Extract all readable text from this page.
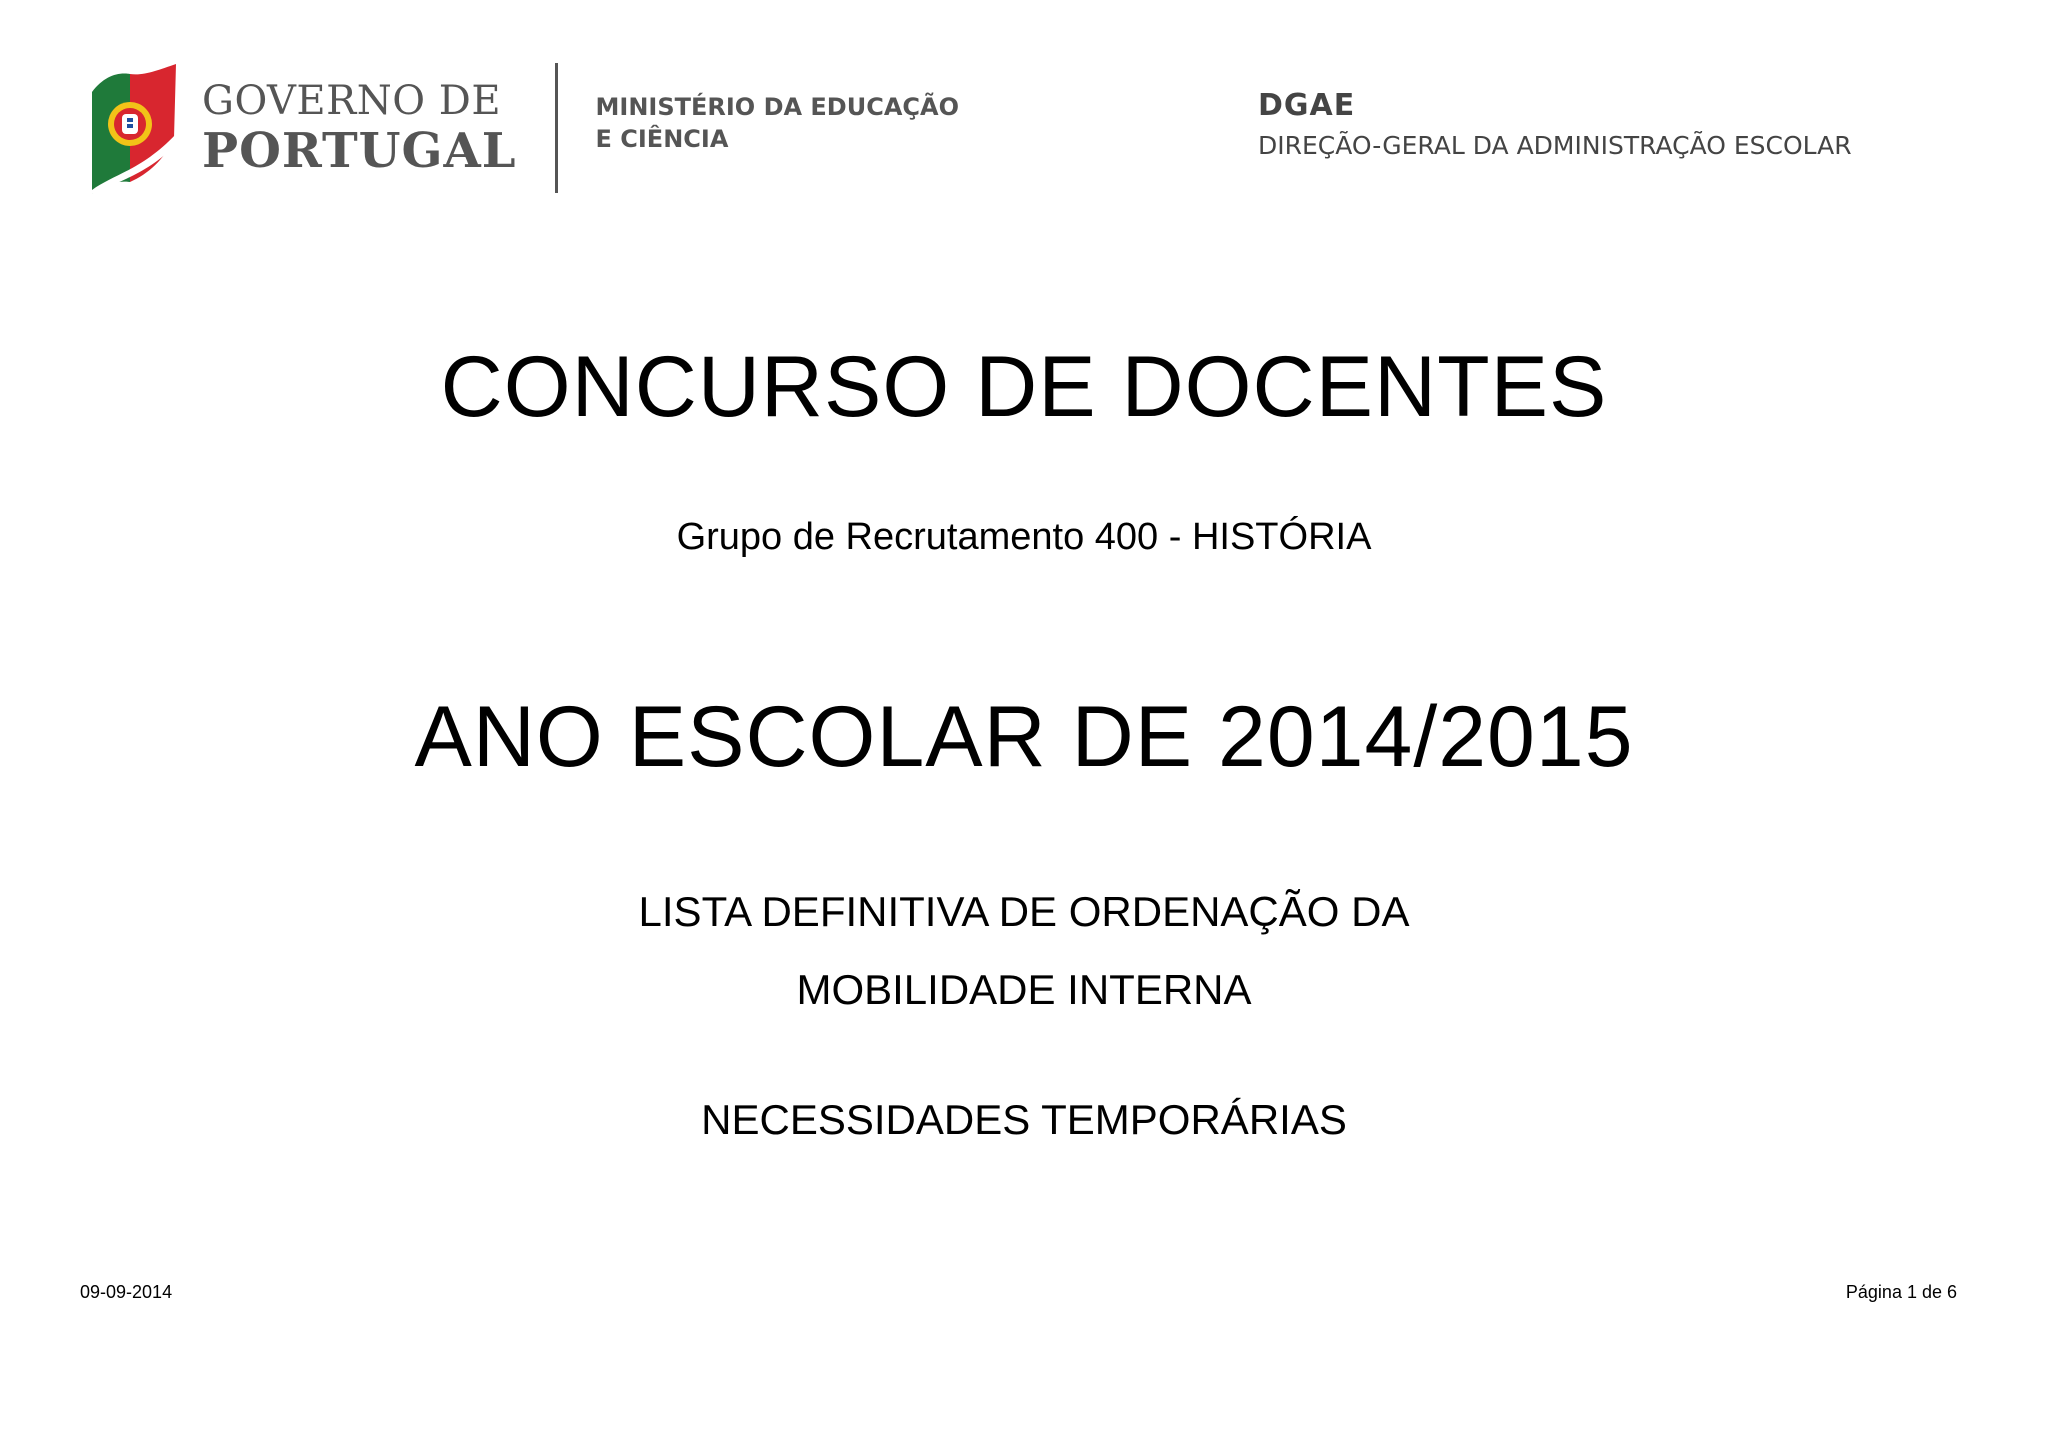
GOVERNO DE
PORTUGAL
MINISTÉRIO DA EDUCAÇÃO
E CIÊNCIA
DGAE
DIREÇÃO-GERAL DA ADMINISTRAÇÃO ESCOLAR
CONCURSO DE DOCENTES
Grupo de Recrutamento 400 - HISTÓRIA
ANO ESCOLAR DE 2014/2015
LISTA DEFINITIVA DE ORDENAÇÃO DA
MOBILIDADE INTERNA
NECESSIDADES TEMPORÁRIAS
09-09-2014	Página 1 de 6
